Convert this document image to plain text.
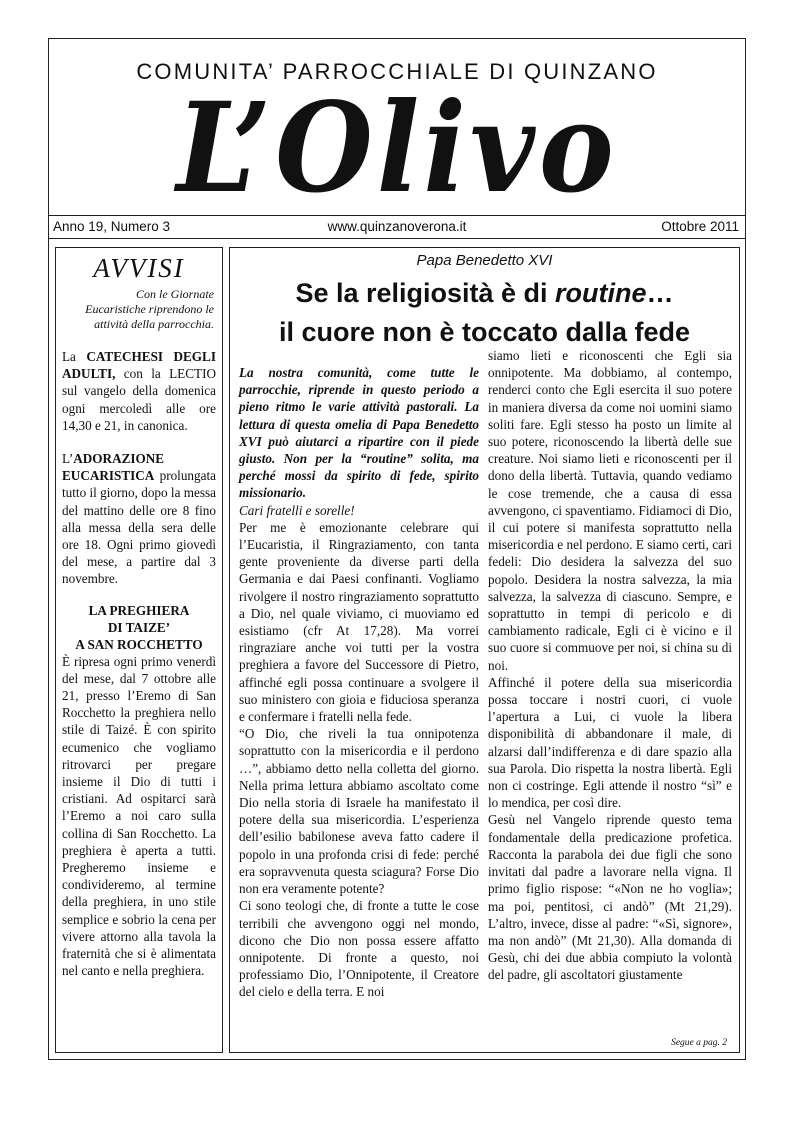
COMUNITA’ PARROCCHIALE DI QUINZANO
L’Olivo
Anno 19, Numero 3	www.quinzanoverona.it	Ottobre 2011
AVVISI
Con le Giornate Eucaristiche riprendono le attività della parrocchia.
La CATECHESI DEGLI ADULTI, con la LECTIO sul vangelo della domenica ogni mercoledì alle ore 14,30 e 21, in canonica.
L’ADORAZIONE EUCARISTICA prolungata tutto il giorno, dopo la messa del mattino delle ore 8 fino alla messa della sera delle ore 18. Ogni primo giovedì del mese, a partire dal 3 novembre.
LA PREGHIERA
DI TAIZE’
A SAN ROCCHETTO
È ripresa ogni primo venerdì del mese, dal 7 ottobre alle 21, presso l’Eremo di San Rocchetto la preghiera nello stile di Taizé. È con spirito ecumenico che vogliamo ritrovarci per pregare insieme il Dio di tutti i cristiani. Ad ospitarci sarà l’Eremo a noi caro sulla collina di San Rocchetto. La preghiera è aperta a tutti. Pregheremo insieme e condivideremo, al termine della preghiera, in uno stile semplice e sobrio la cena per vivere attorno alla tavola la fraternità che si è alimentata nel canto e nella preghiera.
Papa Benedetto XVI
Se la religiosità è di routine…
il cuore non è toccato dalla fede

La nostra comunità, come tutte le parrocchie, riprende in questo periodo a pieno ritmo le varie attività pastorali. La lettura di questa omelia di Papa Benedetto XVI può aiutarci a ripartire con il piede giusto. Non per la “routine” solita, ma perché mossi da spirito di fede, spirito missionario.

Cari fratelli e sorelle!

Per me è emozionante celebrare qui l’Eucaristia, il Ringraziamento, con tanta gente proveniente da diverse parti della Germania e dai Paesi confinanti. Vogliamo rivolgere il nostro ringraziamento soprattutto a Dio, nel quale viviamo, ci muoviamo ed esistiamo (cfr At 17,28). Ma vorrei ringraziare anche voi tutti per la vostra preghiera a favore del Successore di Pietro, affinché egli possa continuare a svolgere il suo ministero con gioia e fiduciosa speranza e confermare i fratelli nella fede.

“O Dio, che riveli la tua onnipotenza soprattutto con la misericordia e il perdono …”, abbiamo detto nella colletta del giorno. Nella prima lettura abbiamo ascoltato come Dio nella storia di Israele ha manifestato il potere della sua misericordia. L’esperienza dell’esilio babilonese aveva fatto cadere il popolo in una profonda crisi di fede: perché era sopravvenuta questa sciagura? Forse Dio non era veramente potente?

Ci sono teologi che, di fronte a tutte le cose terribili che avvengono oggi nel mondo, dicono che Dio non possa essere affatto onnipotente. Di fronte a questo, noi professiamo Dio, l’Onnipotente, il Creatore del cielo e della terra. E noi

siamo lieti e riconoscenti che Egli sia onnipotente. Ma dobbiamo, al contempo, renderci conto che Egli esercita il suo potere in maniera diversa da come noi uomini siamo soliti fare. Egli stesso ha posto un limite al suo potere, riconoscendo la libertà delle sue creature. Noi siamo lieti e riconoscenti per il dono della libertà. Tuttavia, quando vediamo le cose tremende, che a causa di essa avvengono, ci spaventiamo. Fidiamoci di Dio, il cui potere si manifesta soprattutto nella misericordia e nel perdono. E siamo certi, cari fedeli: Dio desidera la salvezza del suo popolo. Desidera la nostra salvezza, la mia salvezza, la salvezza di ciascuno. Sempre, e soprattutto in tempi di pericolo e di cambiamento radicale, Egli ci è vicino e il suo cuore si commuove per noi, si china su di noi.

Affinché il potere della sua misericordia possa toccare i nostri cuori, ci vuole l’apertura a Lui, ci vuole la libera disponibilità di abbandonare il male, di alzarsi dall’indifferenza e di dare spazio alla sua Parola. Dio rispetta la nostra libertà. Egli non ci costringe. Egli attende il nostro “sì” e lo mendica, per così dire.

Gesù nel Vangelo riprende questo tema fondamentale della predicazione profetica. Racconta la parabola dei due figli che sono invitati dal padre a lavorare nella vigna. Il primo figlio rispose: “«Non ne ho voglia»; ma poi, pentitosi, ci andò” (Mt 21,29). L’altro, invece, disse al padre: “«Sì, signore», ma non andò” (Mt 21,30). Alla domanda di Gesù, chi dei due abbia compiuto la volontà del padre, gli ascoltatori giustamente

Segue a pag. 2
